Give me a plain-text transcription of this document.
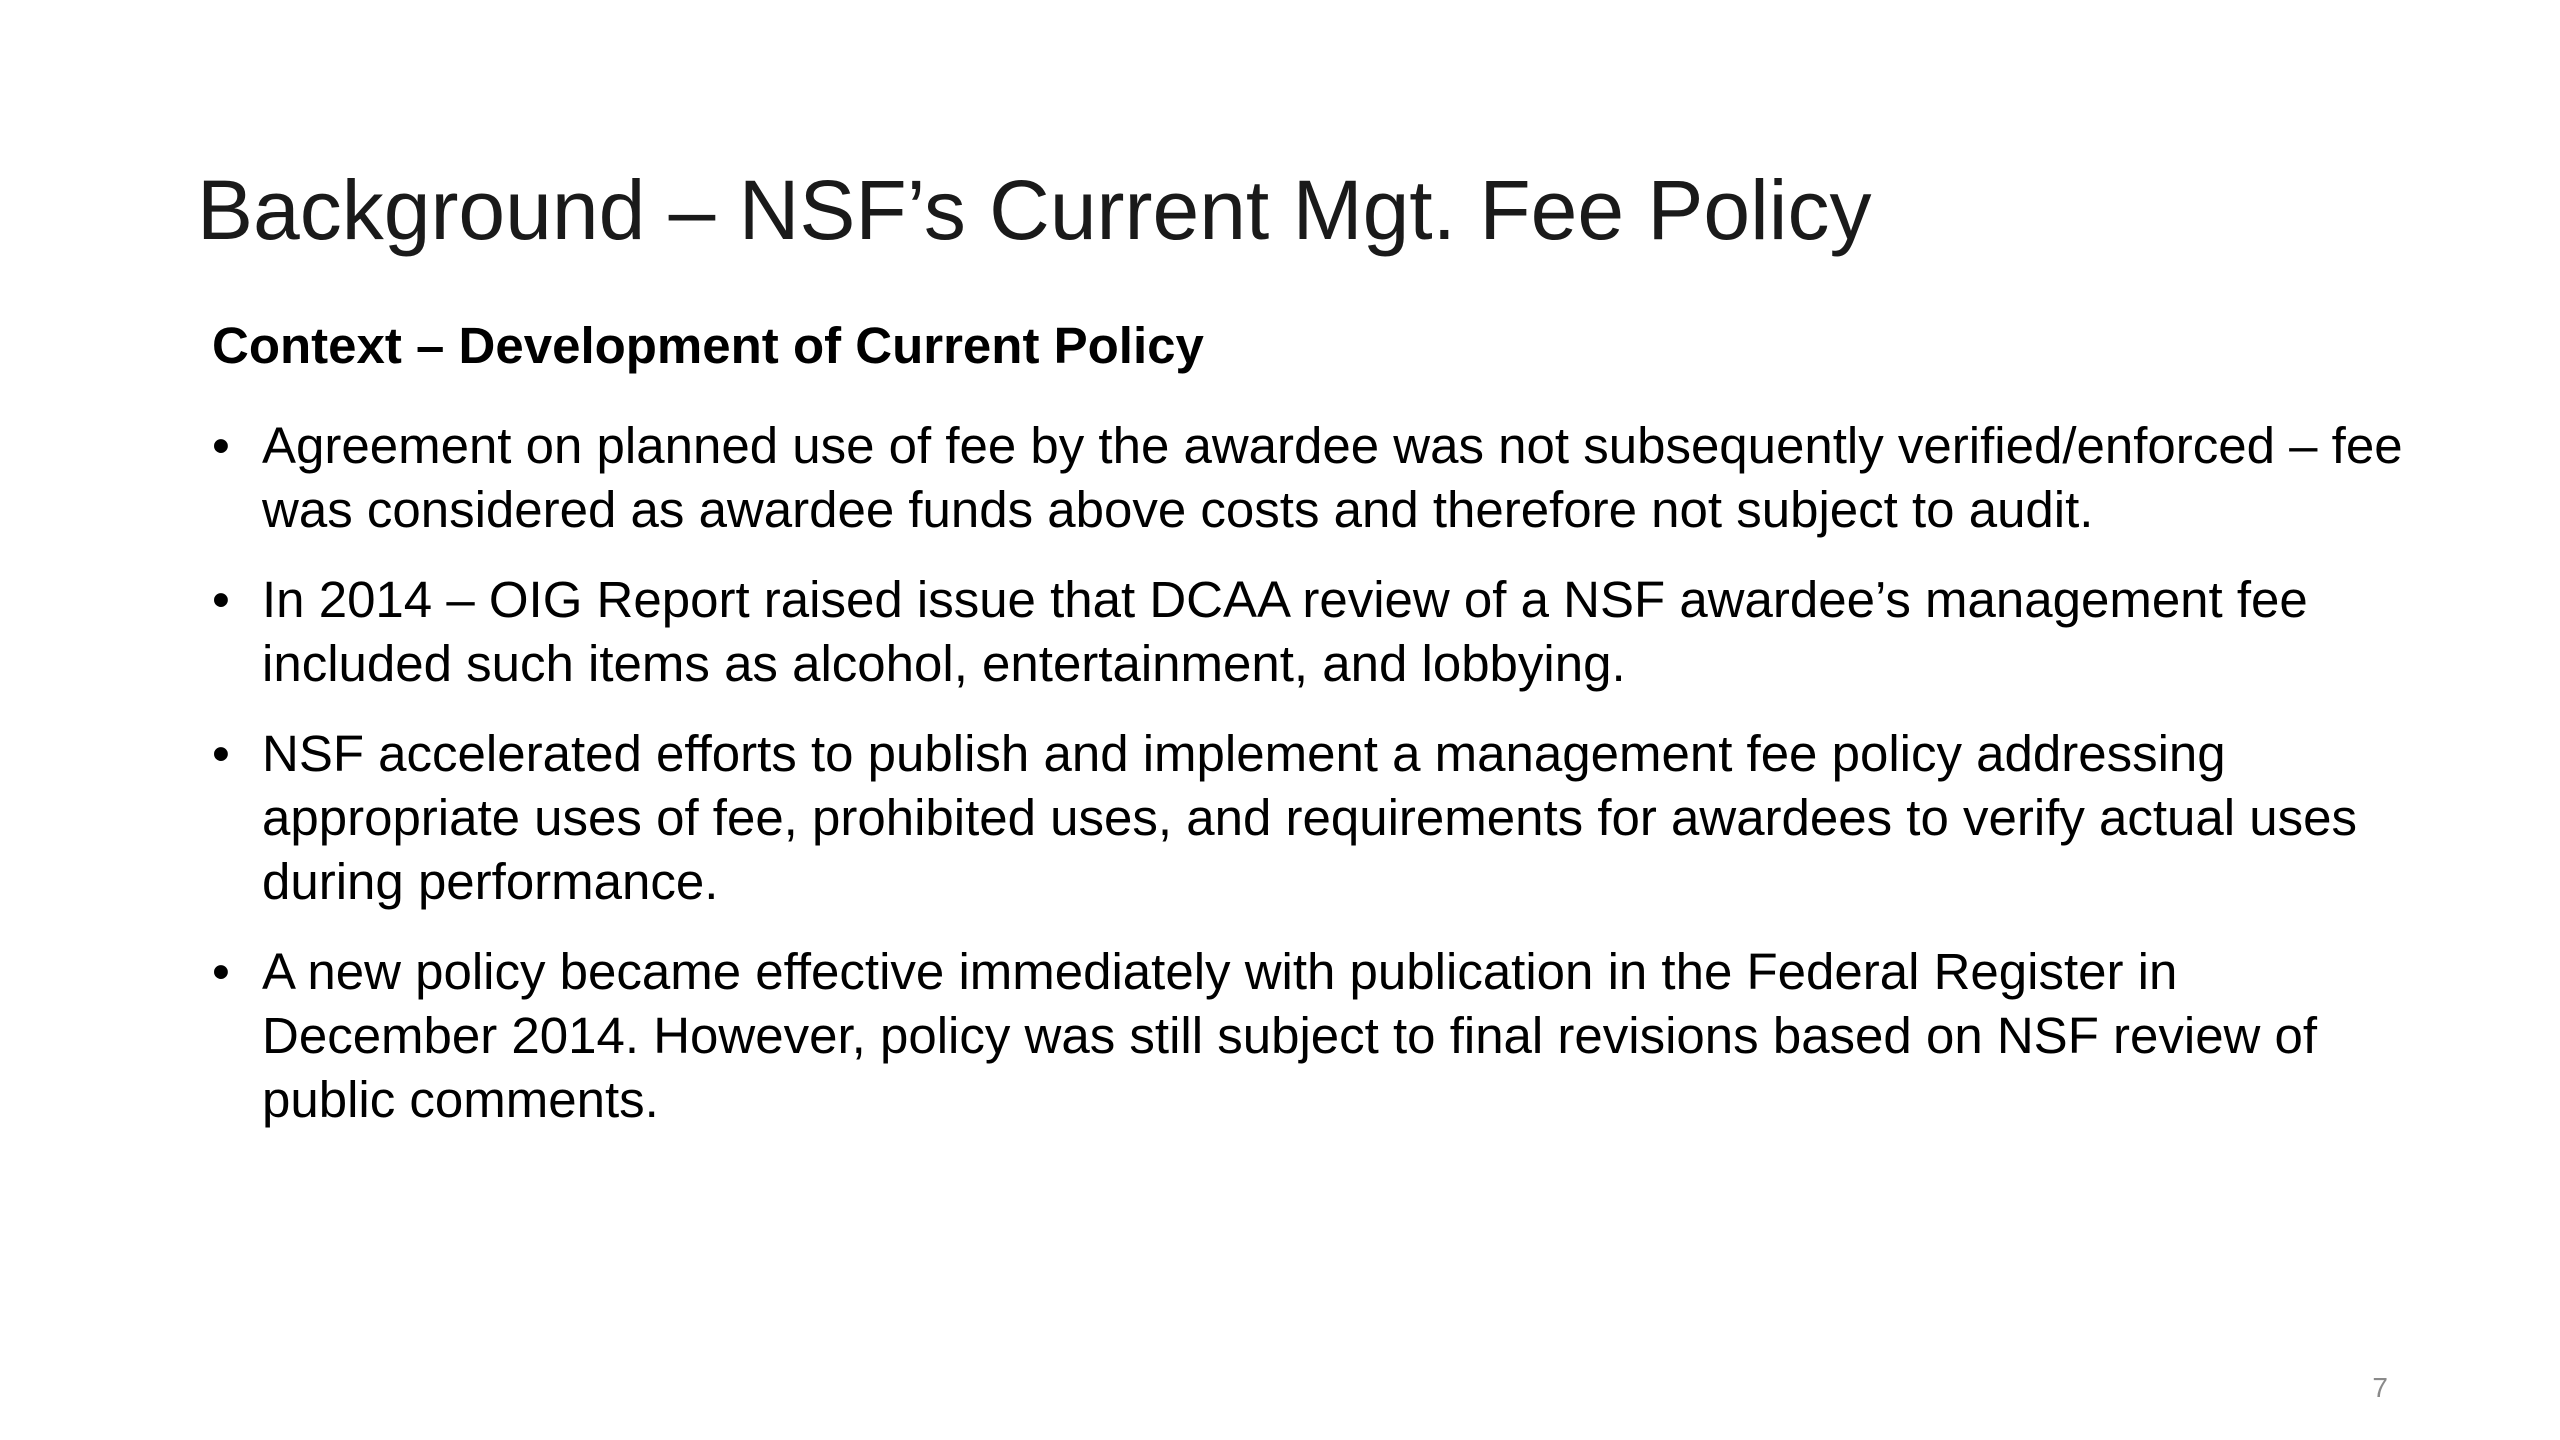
Background – NSF’s Current Mgt. Fee Policy
Context – Development of Current Policy
• Agreement on planned use of fee by the awardee was not subsequently verified/enforced – fee was considered as awardee funds above costs and therefore not subject to audit.
• In 2014 – OIG Report raised issue that DCAA review of a NSF awardee’s management fee included such items as alcohol, entertainment, and lobbying.
• NSF accelerated efforts to publish and implement a management fee policy addressing appropriate uses of fee, prohibited uses, and requirements for awardees to verify actual uses during performance.
• A new policy became effective immediately with publication in the Federal Register in December 2014. However, policy was still subject to final revisions based on NSF review of public comments.
7
